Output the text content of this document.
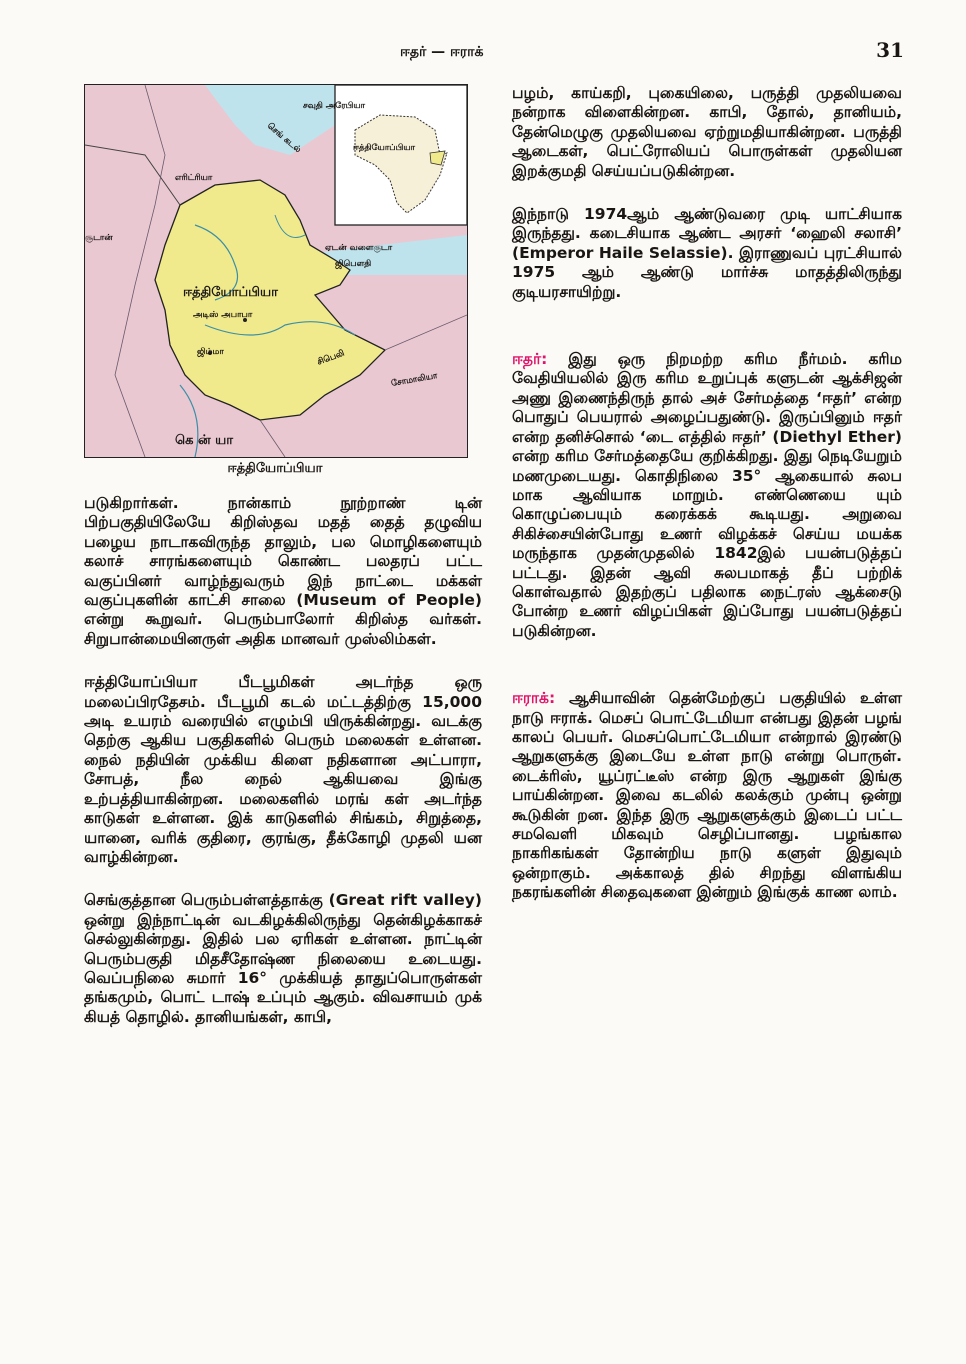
ஈதர் — ஈராக்	31
ஈத்தியோப்பியா
அடிஸ் அபாபா
சூடான்
எரிட்ரியா
செங் கடல்
சவுதி அரேபியா
ஜிபௌதி
ஏடன் வளைகுடா
சோமாலியா
கெ ன் யா
ஜிம்மா	சிபெலி
ஈத்தியோப்பியா
ஈத்தியோப்பியா

படுகிறார்கள். நான்காம் நூற்றாண் டின் பிற்பகுதியிலேயே கிறிஸ்தவ மதத் தைத் தழுவிய பழைய நாடாகவிருந்த தாலும், பல மொழிகளையும் கலாச் சாரங்களையும் கொண்ட பலதரப் பட்ட வகுப்பினர் வாழ்ந்துவரும் இந் நாட்டை மக்கள் வகுப்புகளின் காட்சி சாலை (Museum of People) என்று கூறுவர். பெரும்பாலோர் கிறிஸ்த வர்கள். சிறுபான்மையினருள் அதிக மானவர் முஸ்லிம்கள்.

ஈத்தியோப்பியா பீடபூமிகள் அடர்ந்த ஒரு மலைப்பிரதேசம். பீடபூமி கடல் மட்டத்திற்கு 15,000 அடி உயரம் வரையில் எழும்பி யிருக்கின்றது. வடக்கு தெற்கு ஆகிய பகுதிகளில் பெரும் மலைகள் உள்ளன. நைல் நதியின் முக்கிய கிளை நதிகளான அட்பாரா, சோபத், நீல நைல் ஆகியவை இங்கு உற்பத்தியாகின்றன. மலைகளில் மரங் கள் அடர்ந்த காடுகள் உள்ளன. இக் காடுகளில் சிங்கம், சிறுத்தை, யானை, வரிக் குதிரை, குரங்கு, தீக்கோழி முதலி யன வாழ்கின்றன.

செங்குத்தான பெரும்பள்ளத்தாக்கு (Great rift valley) ஒன்று இந்நாட்டின் வடகிழக்கிலிருந்து தென்கிழக்காகச் செல்லுகின்றது. இதில் பல ஏரிகள் உள்ளன. நாட்டின் பெரும்பகுதி மிதசீதோஷ்ண நிலையை உடையது. வெப்பநிலை சுமார் 16° முக்கியத் தாதுப்பொருள்கள் தங்கமும், பொட் டாஷ் உப்பும் ஆகும். விவசாயம் முக் கியத் தொழில். தானியங்கள், காபி,

பழம், காய்கறி, புகையிலை, பருத்தி முதலியவை நன்றாக விளைகின்றன. காபி, தோல், தானியம், தேன்மெழுகு முதலியவை ஏற்றுமதியாகின்றன. பருத்தி ஆடைகள், பெட்ரோலியப் பொருள்கள் முதலியன இறக்குமதி செய்யப்படுகின்றன.

இந்நாடு 1974ஆம் ஆண்டுவரை முடி யாட்சியாக இருந்தது. கடைசியாக ஆண்ட அரசர் ‘ஹைலி சலாசி’ (Emperor Haile Selassie). இராணுவப் புரட்சியால் 1975 ஆம் ஆண்டு மார்ச்சு மாதத்திலிருந்து குடியரசாயிற்று.

ஈதர்: இது ஒரு நிறமற்ற கரிம நீர்மம். கரிம வேதியியலில் இரு கரிம உறுப்புக் களுடன் ஆக்சிஜன் அணு இணைந்திருந் தால் அச் சேர்மத்தை ‘ஈதர்’ என்ற பொதுப் பெயரால் அழைப்பதுண்டு. இருப்பினும் ஈதர் என்ற தனிச்சொல் ‘டை எத்தில் ஈதர்’ (Diethyl Ether) என்ற கரிம சேர்மத்தையே குறிக்கிறது. இது நெடியேறும் மணமுடையது. கொதிநிலை 35° ஆகையால் சுலப மாக ஆவியாக மாறும். எண்ணெயை யும் கொழுப்பையும் கரைக்கக் கூடியது. அறுவை சிகிச்சையின்போது உணர் விழக்கச் செய்ய மயக்க மருந்தாக முதன்முதலில் 1842இல் பயன்படுத்தப் பட்டது. இதன் ஆவி சுலபமாகத் தீப் பற்றிக் கொள்வதால் இதற்குப் பதிலாக நைட்ரஸ் ஆக்சைடு போன்ற உணர் விழப்பிகள் இப்போது பயன்படுத்தப் படுகின்றன.

ஈராக்: ஆசியாவின் தென்மேற்குப் பகுதியில் உள்ள நாடு ஈராக். மெசப் பொட்டேமியா என்பது இதன் பழங் காலப் பெயர். மெசப்பொட்டேமியா என்றால் இரண்டு ஆறுகளுக்கு இடையே உள்ள நாடு என்று பொருள். டைக்ரிஸ், யூப்ரட்டீஸ் என்ற இரு ஆறுகள் இங்கு பாய்கின்றன. இவை கடலில் கலக்கும் முன்பு ஒன்று கூடுகின் றன. இந்த இரு ஆறுகளுக்கும் இடைப் பட்ட சமவெளி மிகவும் செழிப்பானது. பழங்கால நாகரிகங்கள் தோன்றிய நாடு களுள் இதுவும் ஒன்றாகும். அக்காலத் தில் சிறந்து விளங்கிய நகரங்களின் சிதைவுகளை இன்றும் இங்குக் காண லாம்.
